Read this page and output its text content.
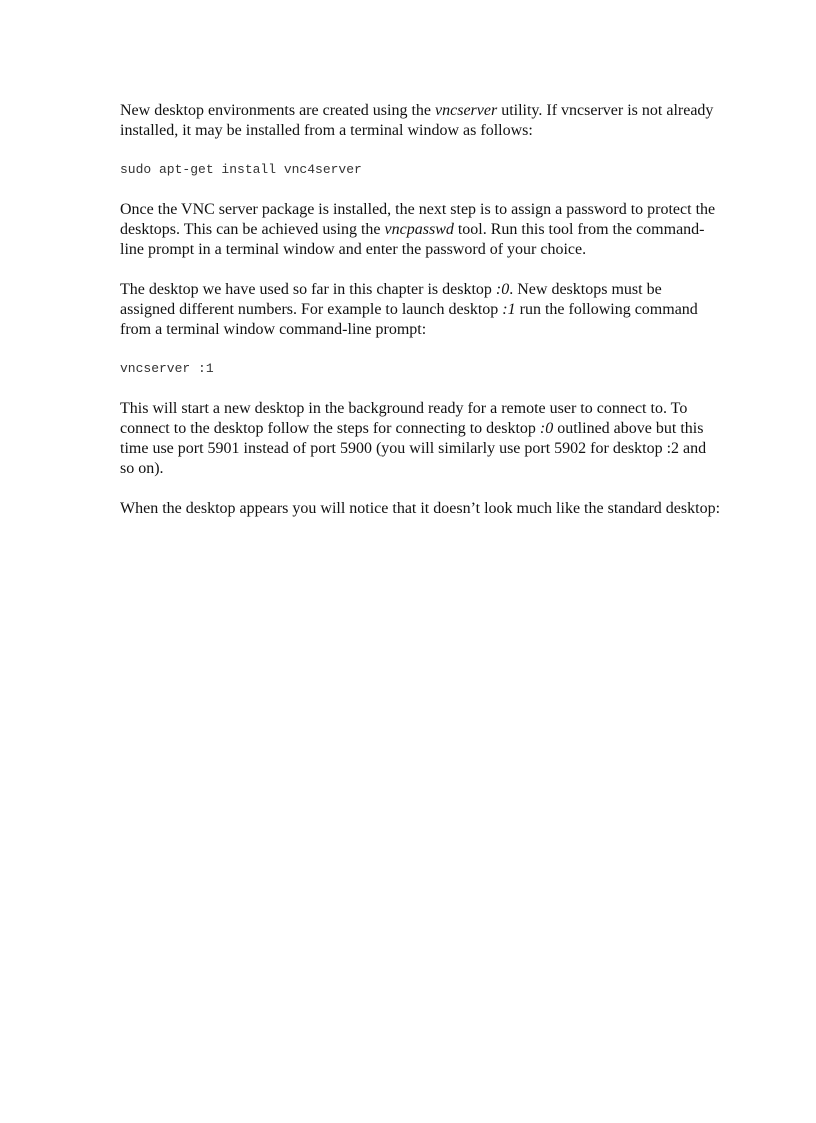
New desktop environments are created using the vncserver utility. If vncserver is not already installed, it may be installed from a terminal window as follows:

sudo apt-get install vnc4server

Once the VNC server package is installed, the next step is to assign a password to protect the desktops. This can be achieved using the vncpasswd tool. Run this tool from the command-line prompt in a terminal window and enter the password of your choice.

The desktop we have used so far in this chapter is desktop :0. New desktops must be assigned different numbers. For example to launch desktop :1 run the following command from a terminal window command-line prompt:

vncserver :1

This will start a new desktop in the background ready for a remote user to connect to. To connect to the desktop follow the steps for connecting to desktop :0 outlined above but this time use port 5901 instead of port 5900 (you will similarly use port 5902 for desktop :2 and so on).

When the desktop appears you will notice that it doesn’t look much like the standard desktop:
